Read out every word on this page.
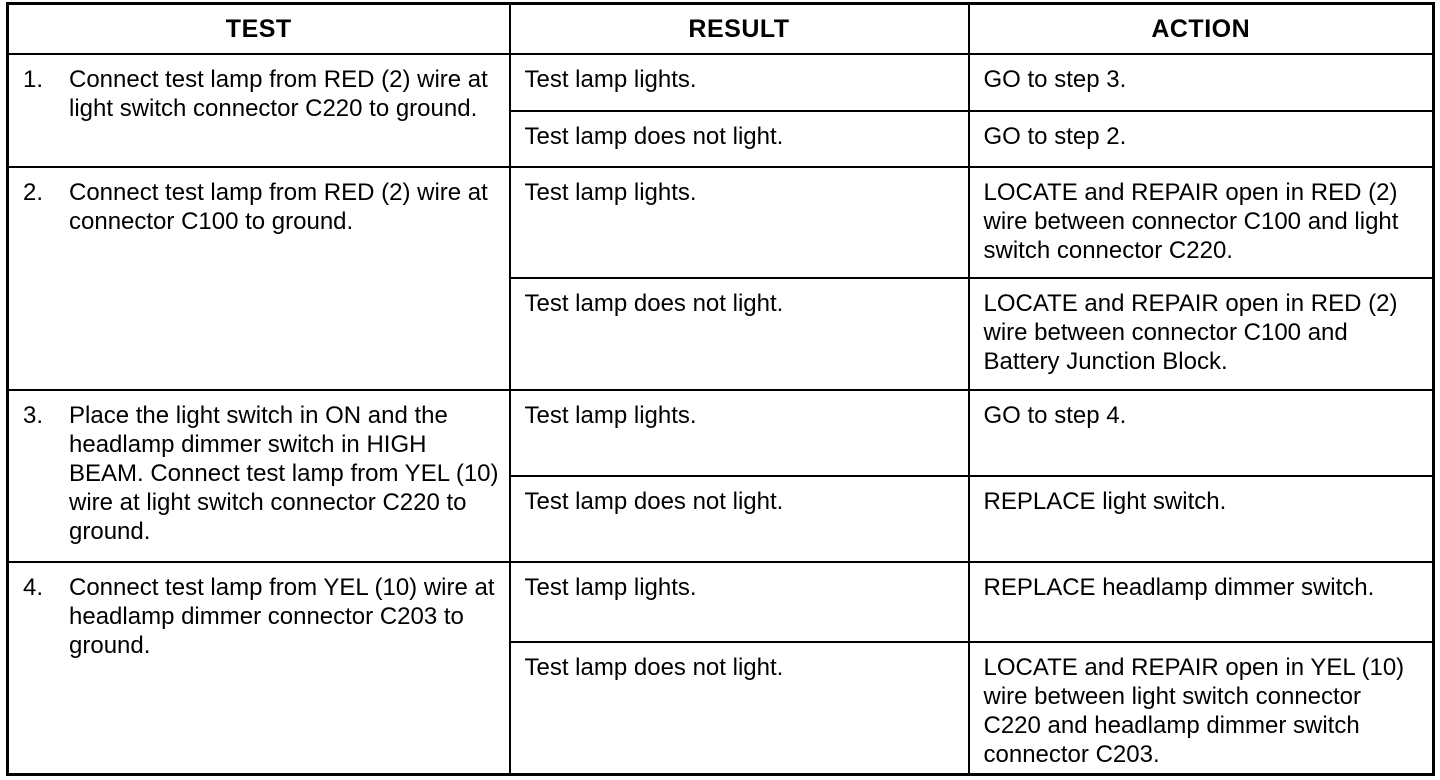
TEST	RESULT	ACTION

1. Connect test lamp from RED (2) wire at light switch connector C220 to ground.	Test lamp lights.	GO to step 3.
	Test lamp does not light.	GO to step 2.

2. Connect test lamp from RED (2) wire at connector C100 to ground.	Test lamp lights.	LOCATE and REPAIR open in RED (2) wire between connector C100 and light switch connector C220.
	Test lamp does not light.	LOCATE and REPAIR open in RED (2) wire between connector C100 and Battery Junction Block.

3. Place the light switch in ON and the headlamp dimmer switch in HIGH BEAM. Connect test lamp from YEL (10) wire at light switch connector C220 to ground.	Test lamp lights.	GO to step 4.
	Test lamp does not light.	REPLACE light switch.

4. Connect test lamp from YEL (10) wire at headlamp dimmer connector C203 to ground.	Test lamp lights.	REPLACE headlamp dimmer switch.
	Test lamp does not light.	LOCATE and REPAIR open in YEL (10) wire between light switch connector C220 and headlamp dimmer switch connector C203.
